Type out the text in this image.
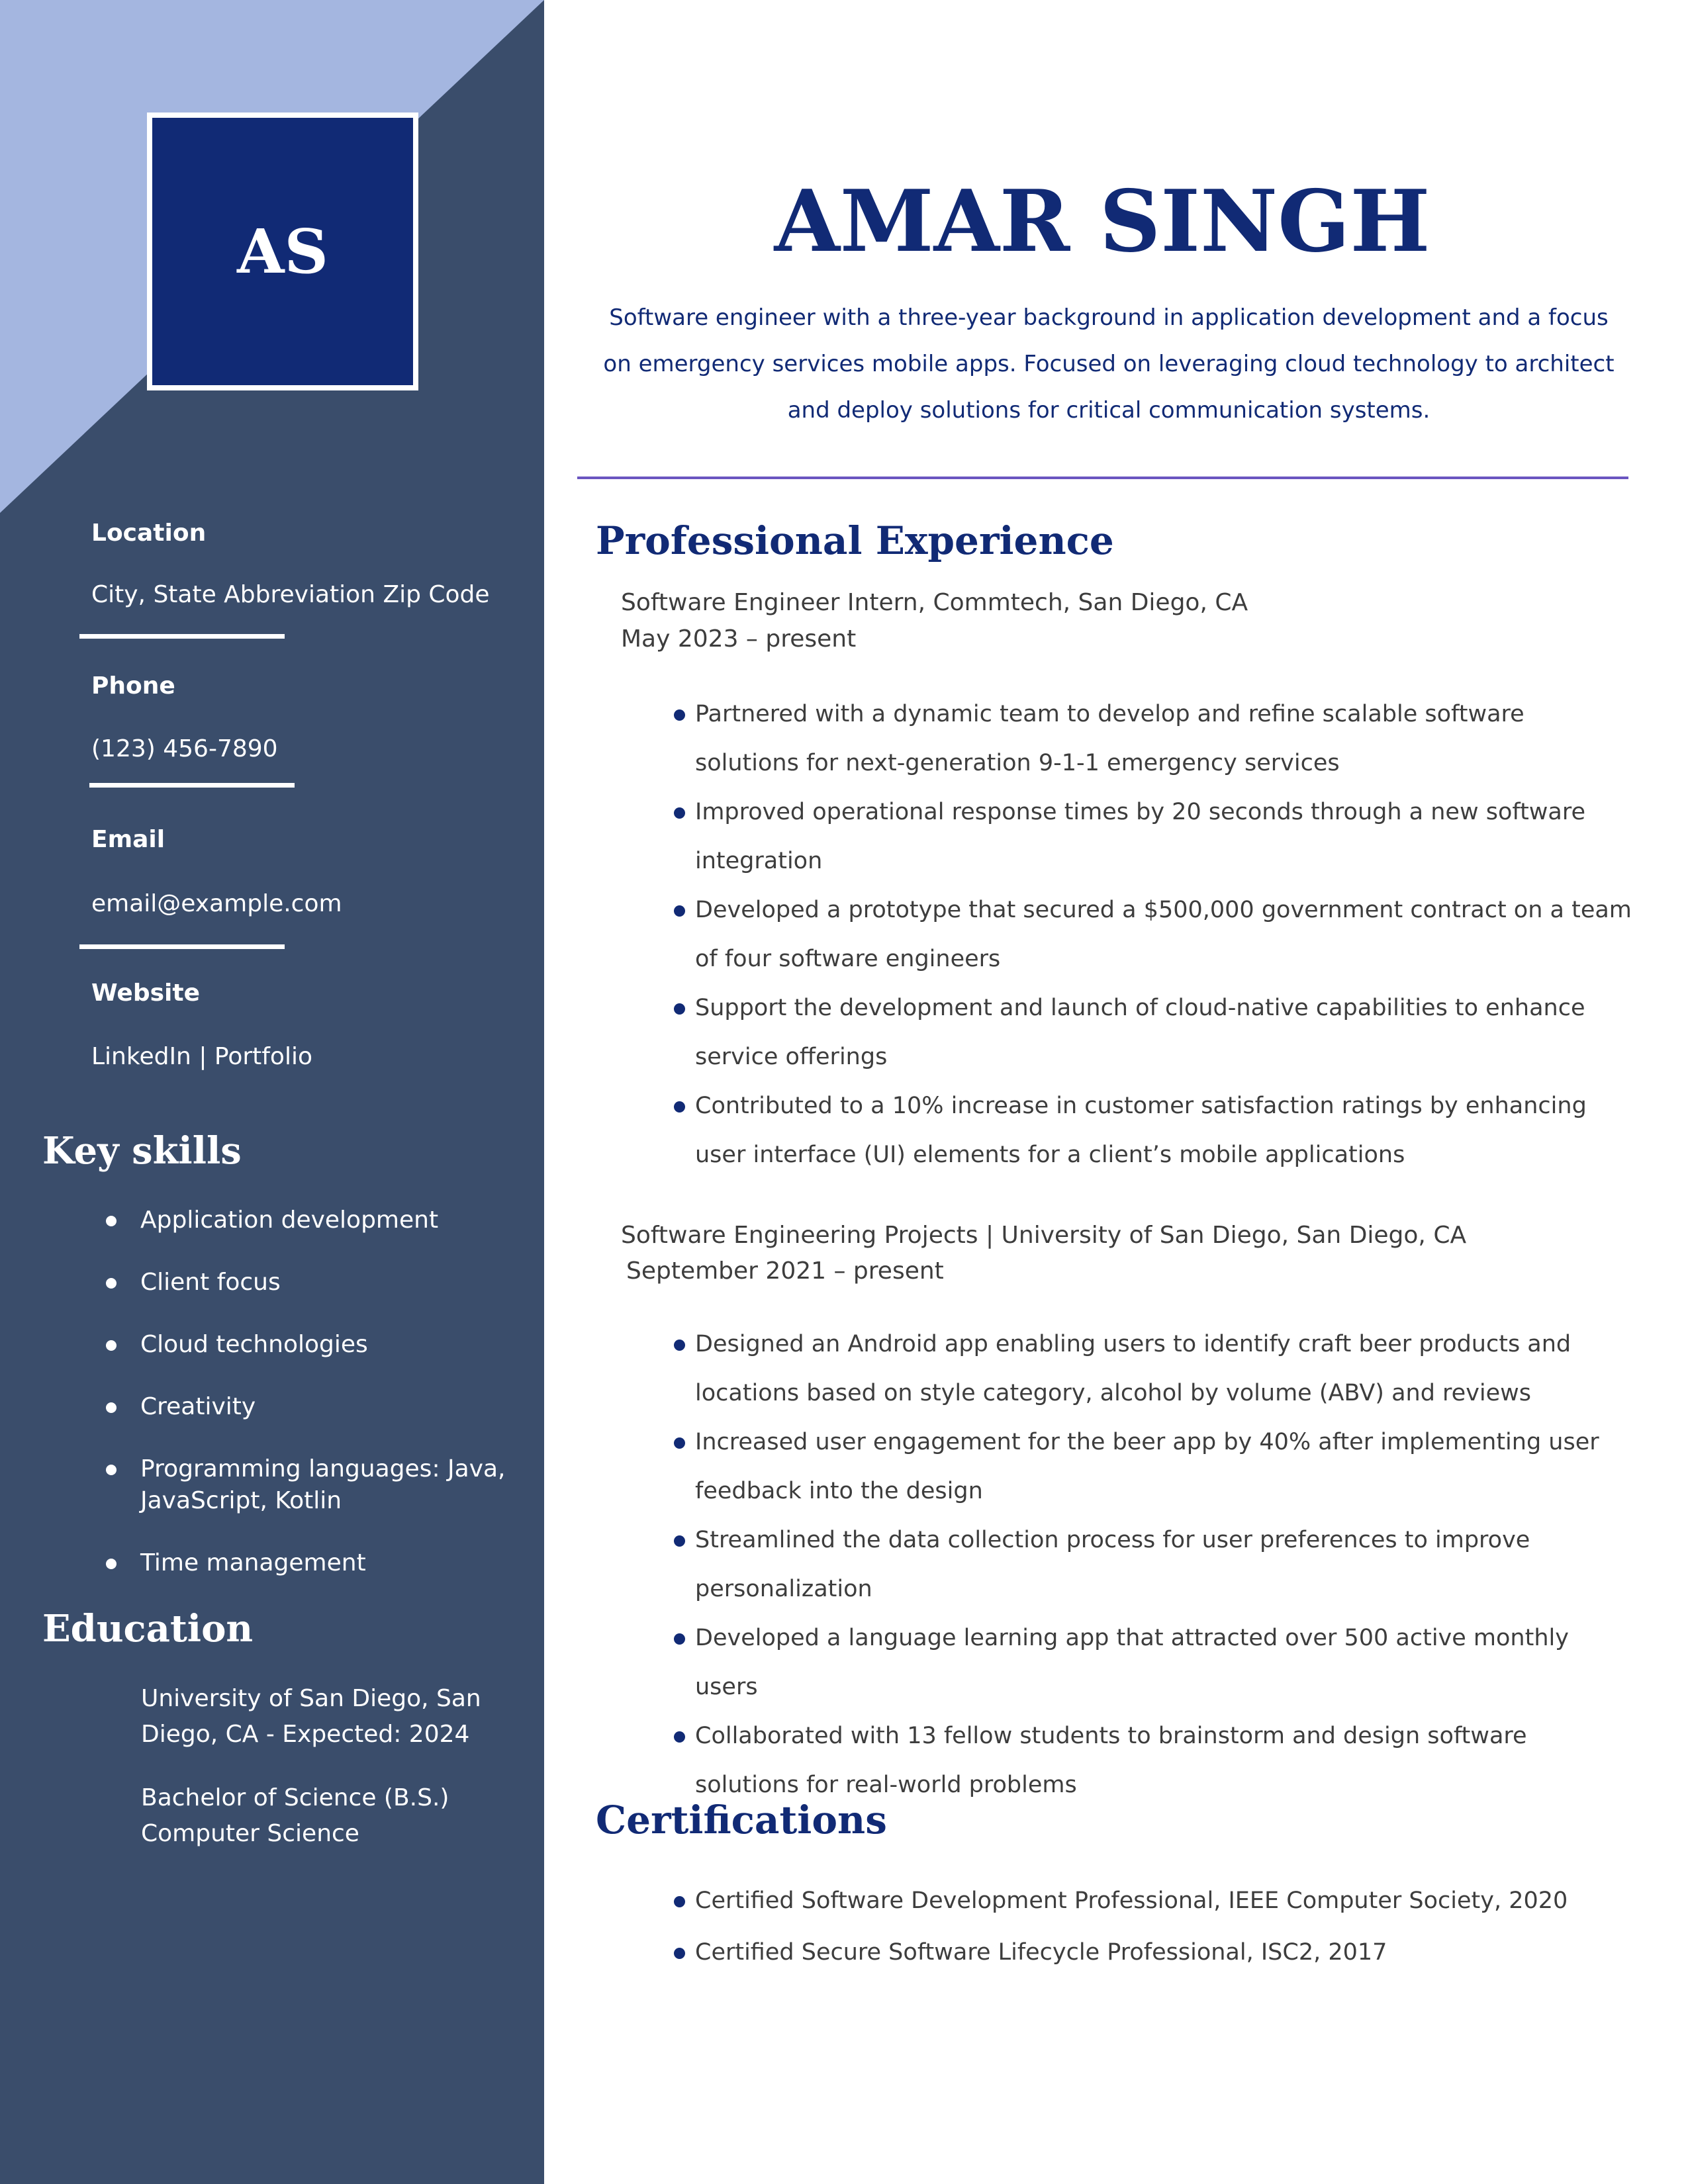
AS
Location
City, State Abbreviation Zip Code
Phone
(123) 456-7890
Email
email@example.com
Website
LinkedIn | Portfolio
Key skills
Application development
Client focus
Cloud technologies
Creativity
Programming languages: Java, JavaScript, Kotlin
Time management
Education
University of San Diego, San Diego, CA - Expected: 2024
Bachelor of Science (B.S.) Computer Science
AMAR SINGH
Software engineer with a three-year background in application development and a focus on emergency services mobile apps. Focused on leveraging cloud technology to architect and deploy solutions for critical communication systems.
Professional Experience
Software Engineer Intern, Commtech, San Diego, CA
May 2023 – present
Partnered with a dynamic team to develop and refine scalable software solutions for next-generation 9-1-1 emergency services
Improved operational response times by 20 seconds through a new software integration
Developed a prototype that secured a $500,000 government contract on a team of four software engineers
Support the development and launch of cloud-native capabilities to enhance service offerings
Contributed to a 10% increase in customer satisfaction ratings by enhancing user interface (UI) elements for a client’s mobile applications
Software Engineering Projects | University of San Diego, San Diego, CA
September 2021 – present
Designed an Android app enabling users to identify craft beer products and locations based on style category, alcohol by volume (ABV) and reviews
Increased user engagement for the beer app by 40% after implementing user feedback into the design
Streamlined the data collection process for user preferences to improve personalization
Developed a language learning app that attracted over 500 active monthly users
Collaborated with 13 fellow students to brainstorm and design software solutions for real-world problems
Certifications
Certified Software Development Professional, IEEE Computer Society, 2020
Certified Secure Software Lifecycle Professional, ISC2, 2017
